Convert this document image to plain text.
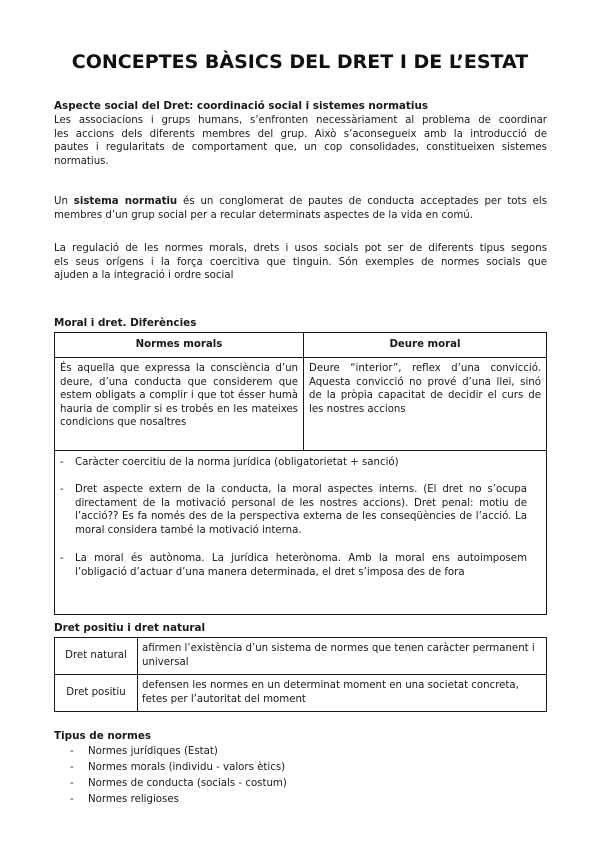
CONCEPTES BÀSICS DEL DRET I DE L’ESTAT
Aspecte social del Dret: coordinació social i sistemes normatius
Les associacions i grups humans, s’enfronten necessàriament al problema de coordinar
les accions dels diferents membres del grup. Això s’aconsegueix amb la introducció de
pautes i regularitats de comportament que, un cop consolidades, constitueixen sistemes
normatius.
Un sistema normatiu és un conglomerat de pautes de conducta acceptades per tots els
membres d’un grup social per a recular determinats aspectes de la vida en comú.
La regulació de les normes morals, drets i usos socials pot ser de diferents tipus segons
els seus orígens i la força coercitiva que tinguin. Són exemples de normes socials que
ajuden a la integració i ordre social
Moral i dret. Diferències
Normes morals	Deure moral

És aquella que expressa la consciència d’un deure, d’una conducta que considerem que estem obligats a complir i que tot ésser humà hauria de complir si es trobés en les mateixes condicions que nosaltres	Deure “interior”, reflex d’una convicció. Aquesta convicció no prové d’una llei, sinó de la pròpia capacitat de decidir el curs de les nostres accions
- Caràcter coercitiu de la norma jurídica (obligatorietat + sanció)
- Dret aspecte extern de la conducta, la moral aspectes interns. (El dret no s’ocupa directament de la motivació personal de les nostres accions). Dret penal: motiu de l’acció?? Es fa només des de la perspectiva externa de les conseqüències de l’acció. La moral considera també la motivació interna.
- La moral és autònoma. La jurídica heterònoma. Amb la moral ens autoimposem l’obligació d’actuar d’una manera determinada, el dret s’imposa des de fora
Dret positiu i dret natural
Dret natural	afirmen l’existència d’un sistema de normes que tenen caràcter permanent i universal
Dret positiu	defensen les normes en un determinat moment en una societat concreta, fetes per l’autoritat del moment
Tipus de normes
- Normes jurídiques (Estat)
- Normes morals (individu - valors ètics)
- Normes de conducta (socials - costum)
- Normes religioses
